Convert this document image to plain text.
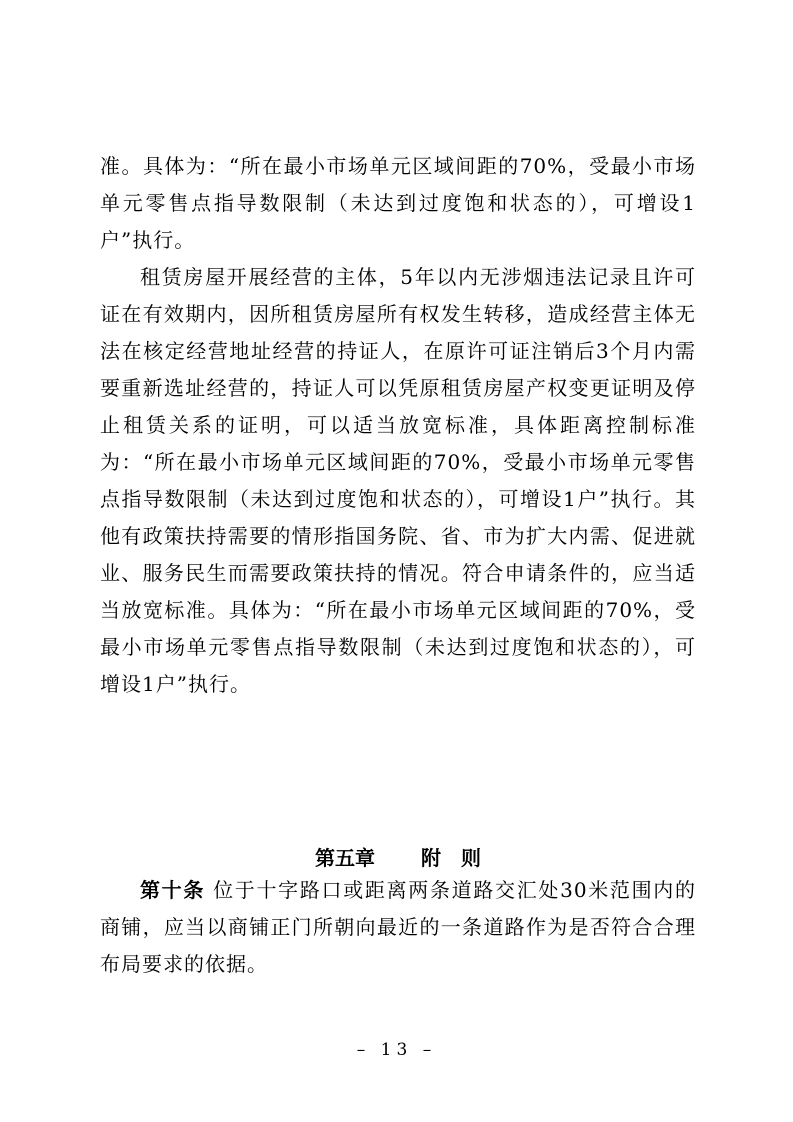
准。具体为：“所在最小市场单元区域间距的70%，受最小市场单元零售点指导数限制（未达到过度饱和状态的），可增设1户”执行。

租赁房屋开展经营的主体，5年以内无涉烟违法记录且许可证在有效期内，因所租赁房屋所有权发生转移，造成经营主体无法在核定经营地址经营的持证人，在原许可证注销后3个月内需要重新选址经营的，持证人可以凭原租赁房屋产权变更证明及停止租赁关系的证明，可以适当放宽标准，具体距离控制标准为：“所在最小市场单元区域间距的70%，受最小市场单元零售点指导数限制（未达到过度饱和状态的），可增设1户”执行。其他有政策扶持需要的情形指国务院、省、市为扩大内需、促进就业、服务民生而需要政策扶持的情况。符合申请条件的，应当适当放宽标准。具体为：“所在最小市场单元区域间距的70%，受最小市场单元零售点指导数限制（未达到过度饱和状态的），可增设1户”执行。

第五章 附　则

第十条 位于十字路口或距离两条道路交汇处30米范围内的商铺，应当以商铺正门所朝向最近的一条道路作为是否符合合理布局要求的依据。

– 13 –
